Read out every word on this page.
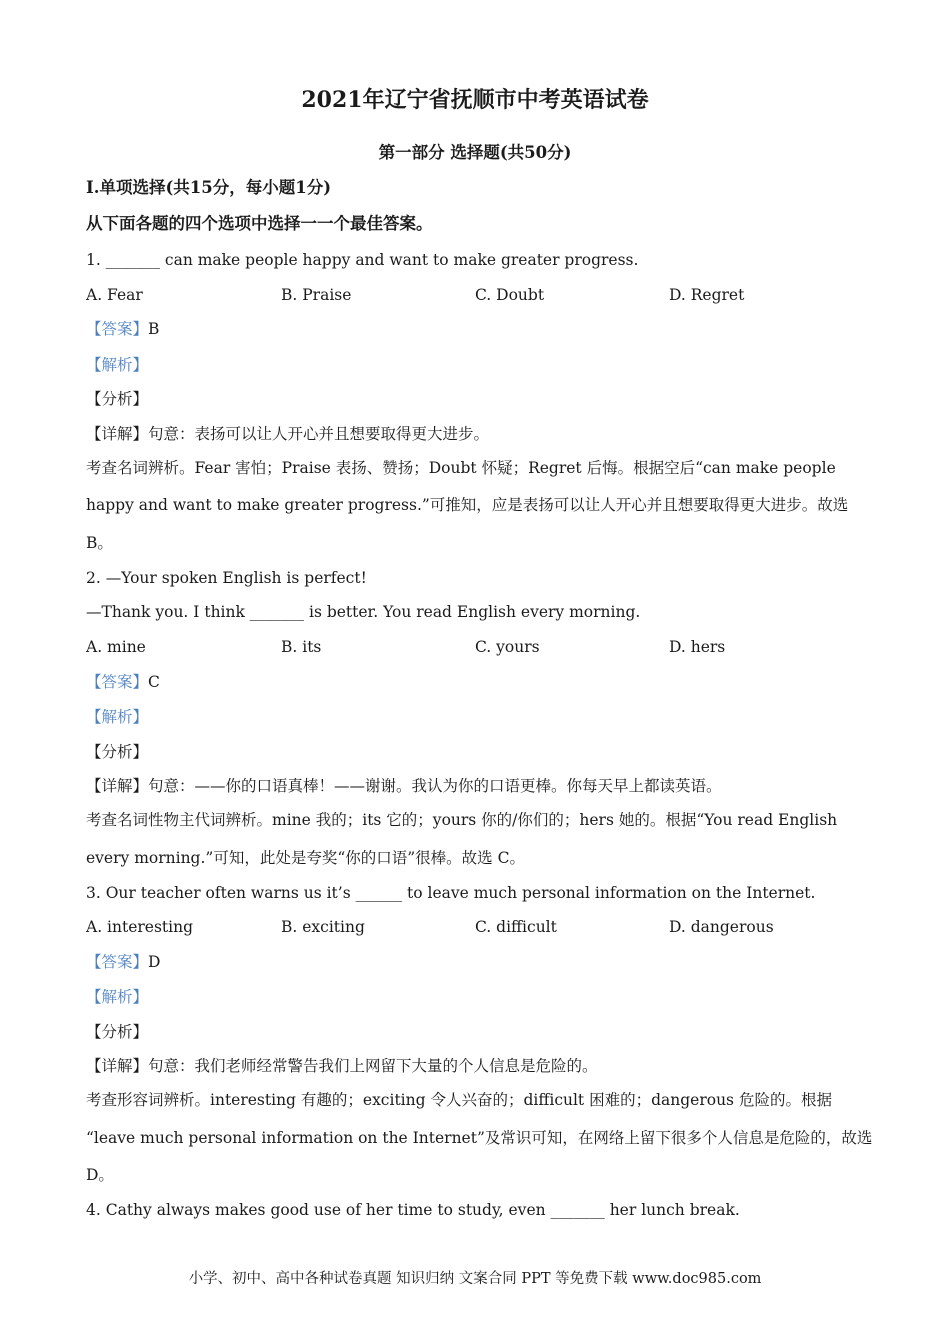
2021年辽宁省抚顺市中考英语试卷
第一部分 选择题(共50分)
Ⅰ.单项选择(共15分，每小题1分)
从下面各题的四个选项中选择一一个最佳答案。
1. _______ can make people happy and want to make greater progress.
A. Fear	B. Praise	C. Doubt	D. Regret
【答案】B
【解析】
【分析】
【详解】句意：表扬可以让人开心并且想要取得更大进步。
考查名词辨析。Fear 害怕；Praise 表扬、赞扬；Doubt 怀疑；Regret 后悔。根据空后“can make people
happy and want to make greater progress.”可推知，应是表扬可以让人开心并且想要取得更大进步。故选
B。
2. —Your spoken English is perfect!
—Thank you. I think _______ is better. You read English every morning.
A. mine	B. its	C. yours	D. hers
【答案】C
【解析】
【分析】
【详解】句意：——你的口语真棒！——谢谢。我认为你的口语更棒。你每天早上都读英语。
考查名词性物主代词辨析。mine 我的；its 它的；yours 你的/你们的；hers 她的。根据“You read English
every morning.”可知，此处是夸奖“你的口语”很棒。故选 C。
3. Our teacher often warns us it’s ______ to leave much personal information on the Internet.
A. interesting	B. exciting	C. difficult	D. dangerous
【答案】D
【解析】
【分析】
【详解】句意：我们老师经常警告我们上网留下大量的个人信息是危险的。
考查形容词辨析。interesting 有趣的；exciting 令人兴奋的；difficult 困难的；dangerous 危险的。根据
“leave much personal information on the Internet”及常识可知，在网络上留下很多个人信息是危险的，故选
D。
4. Cathy always makes good use of her time to study, even _______ her lunch break.
小学、初中、高中各种试卷真题 知识归纳 文案合同 PPT 等免费下载 www.doc985.com
